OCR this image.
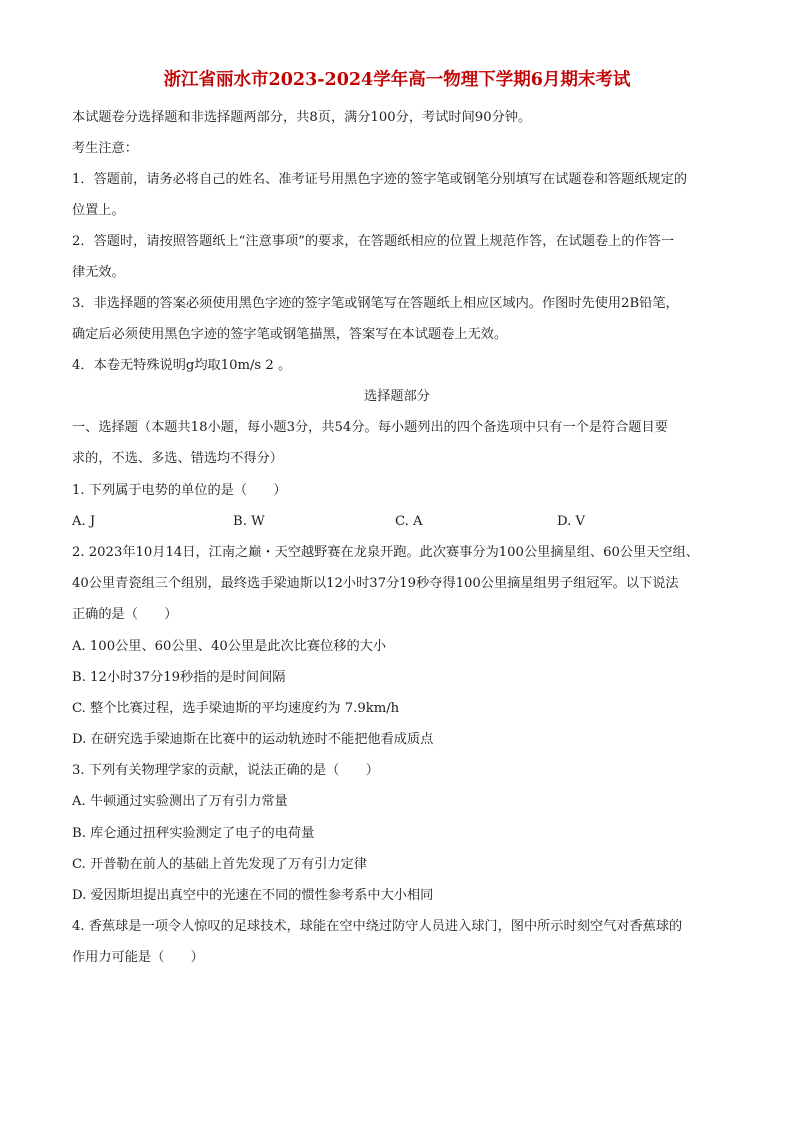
浙江省丽水市2023-2024学年高一物理下学期6月期末考试
本试题卷分选择题和非选择题两部分，共8页，满分100分，考试时间90分钟。
考生注意：
1．答题前，请务必将自己的姓名、准考证号用黑色字迹的签字笔或钢笔分别填写在试题卷和答题纸规定的
位置上。
2．答题时，请按照答题纸上“注意事项”的要求，在答题纸相应的位置上规范作答，在试题卷上的作答一
律无效。
3．非选择题的答案必须使用黑色字迹的签字笔或钢笔写在答题纸上相应区域内。作图时先使用2B铅笔，
确定后必须使用黑色字迹的签字笔或钢笔描黑，答案写在本试题卷上无效。
4．本卷无特殊说明g均取10m/s 2 。
选择题部分
一、选择题（本题共18小题，每小题3分，共54分。每小题列出的四个备选项中只有一个是符合题目要
求的，不选、多选、错选均不得分）
1. 下列属于电势的单位的是（　　）
A. J	B. W	C. A	D. V
2. 2023年10月14日，江南之巅・天空越野赛在龙泉开跑。此次赛事分为100公里摘星组、60公里天空组、
40公里青瓷组三个组别，最终选手梁迪斯以12小时37分19秒夺得100公里摘星组男子组冠军。以下说法
正确的是（　　）
A. 100公里、60公里、40公里是此次比赛位移的大小
B. 12小时37分19秒指的是时间间隔
C. 整个比赛过程，选手梁迪斯的平均速度约为 7.9km/h
D. 在研究选手梁迪斯在比赛中的运动轨迹时不能把他看成质点
3. 下列有关物理学家的贡献，说法正确的是（　　）
A. 牛顿通过实验测出了万有引力常量
B. 库仑通过扭秤实验测定了电子的电荷量
C. 开普勒在前人的基础上首先发现了万有引力定律
D. 爱因斯坦提出真空中的光速在不同的惯性参考系中大小相同
4. 香蕉球是一项令人惊叹的足球技术，球能在空中绕过防守人员进入球门，图中所示时刻空气对香蕉球的
作用力可能是（　　）
